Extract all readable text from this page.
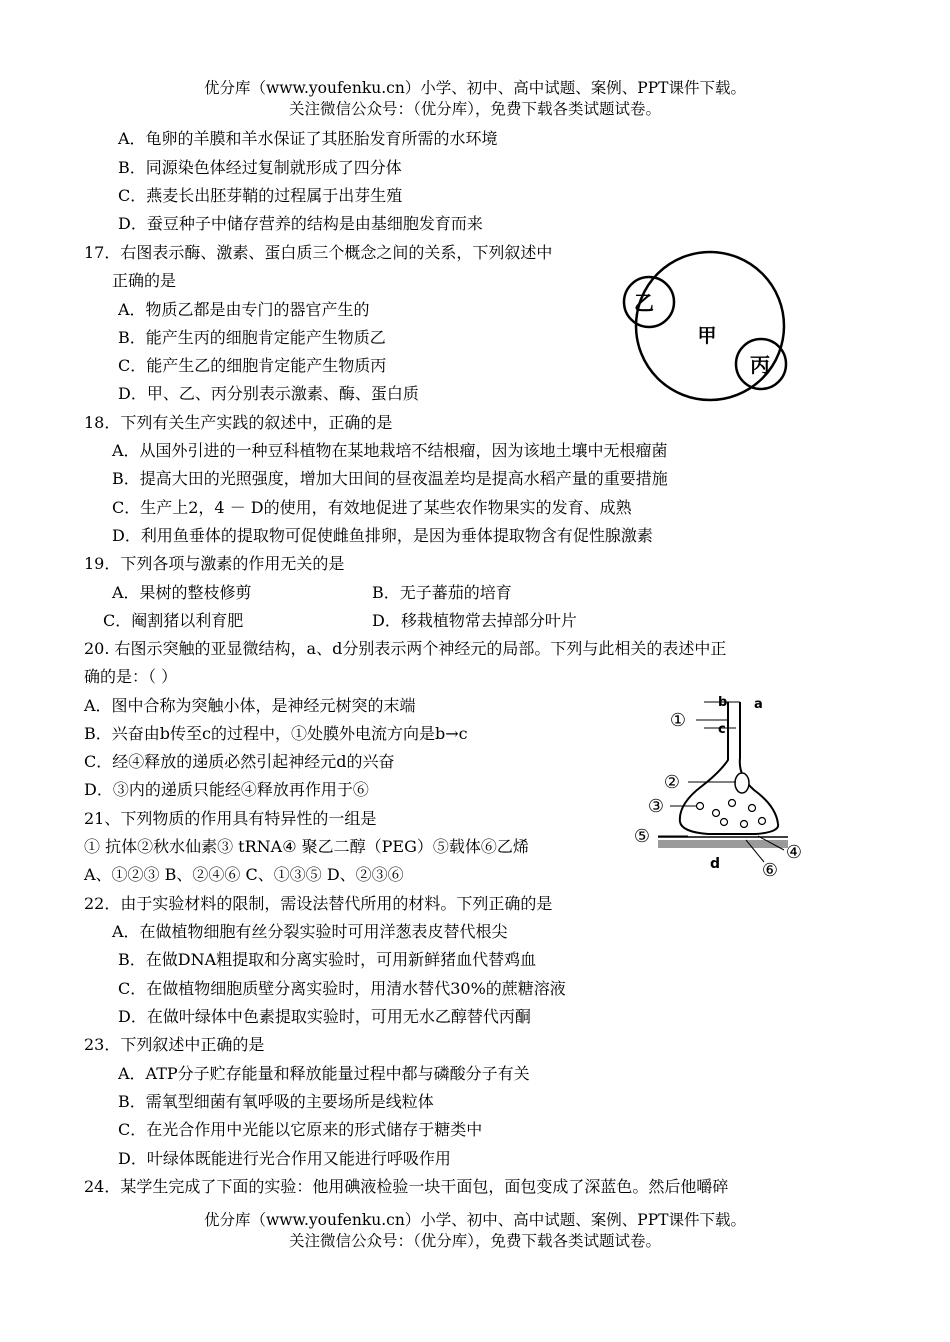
优分库（www.youfenku.cn）小学、初中、高中试题、案例、PPT课件下载。
关注微信公众号：（优分库），免费下载各类试题试卷。
A．龟卵的羊膜和羊水保证了其胚胎发育所需的水环境
B．同源染色体经过复制就形成了四分体
C．燕麦长出胚芽鞘的过程属于出芽生殖
D．蚕豆种子中储存营养的结构是由基细胞发育而来
17．右图表示酶、激素、蛋白质三个概念之间的关系，下列叙述中
正确的是
A．物质乙都是由专门的器官产生的
B．能产生丙的细胞肯定能产生物质乙
C．能产生乙的细胞肯定能产生物质丙
D．甲、乙、丙分别表示激素、酶、蛋白质
甲
乙
丙
18．下列有关生产实践的叙述中，正确的是
A．从国外引进的一种豆科植物在某地栽培不结根瘤，因为该地土壤中无根瘤菌
B．提高大田的光照强度，增加大田间的昼夜温差均是提高水稻产量的重要措施
C．生产上2，4 － D的使用，有效地促进了某些农作物果实的发育、成熟
D．利用鱼垂体的提取物可促使雌鱼排卵，是因为垂体提取物含有促性腺激素
19．下列各项与激素的作用无关的是
A．果树的整枝修剪	B．无子蕃茄的培育
C．阉割猪以利育肥	D．移栽植物常去掉部分叶片
20. 右图示突触的亚显微结构，a、d分别表示两个神经元的局部。下列与此相关的表述中正
确的是：（ ）
A．图中合称为突触小体，是神经元树突的末端
B．兴奋由b传至c的过程中，①处膜外电流方向是b→c
C．经④释放的递质必然引起神经元d的兴奋
D．③内的递质只能经④释放再作用于⑥
①
②
③
④
⑤
⑥
a
b
c
d
21、下列物质的作用具有特异性的一组是
① 抗体②秋水仙素③ tRNA④ 聚乙二醇（PEG）⑤载体⑥乙烯
A、①②③ B、②④⑥ C、①③⑤ D、②③⑥
22．由于实验材料的限制，需设法替代所用的材料。下列正确的是
A．在做植物细胞有丝分裂实验时可用洋葱表皮替代根尖
B．在做DNA粗提取和分离实验时，可用新鲜猪血代替鸡血
C．在做植物细胞质壁分离实验时，用清水替代30%的蔗糖溶液
D．在做叶绿体中色素提取实验时，可用无水乙醇替代丙酮
23．下列叙述中正确的是
A．ATP分子贮存能量和释放能量过程中都与磷酸分子有关
B．需氧型细菌有氧呼吸的主要场所是线粒体
C．在光合作用中光能以它原来的形式储存于糖类中
D．叶绿体既能进行光合作用又能进行呼吸作用
24．某学生完成了下面的实验：他用碘液检验一块干面包，面包变成了深蓝色。然后他嚼碎
优分库（www.youfenku.cn）小学、初中、高中试题、案例、PPT课件下载。
关注微信公众号：（优分库），免费下载各类试题试卷。
